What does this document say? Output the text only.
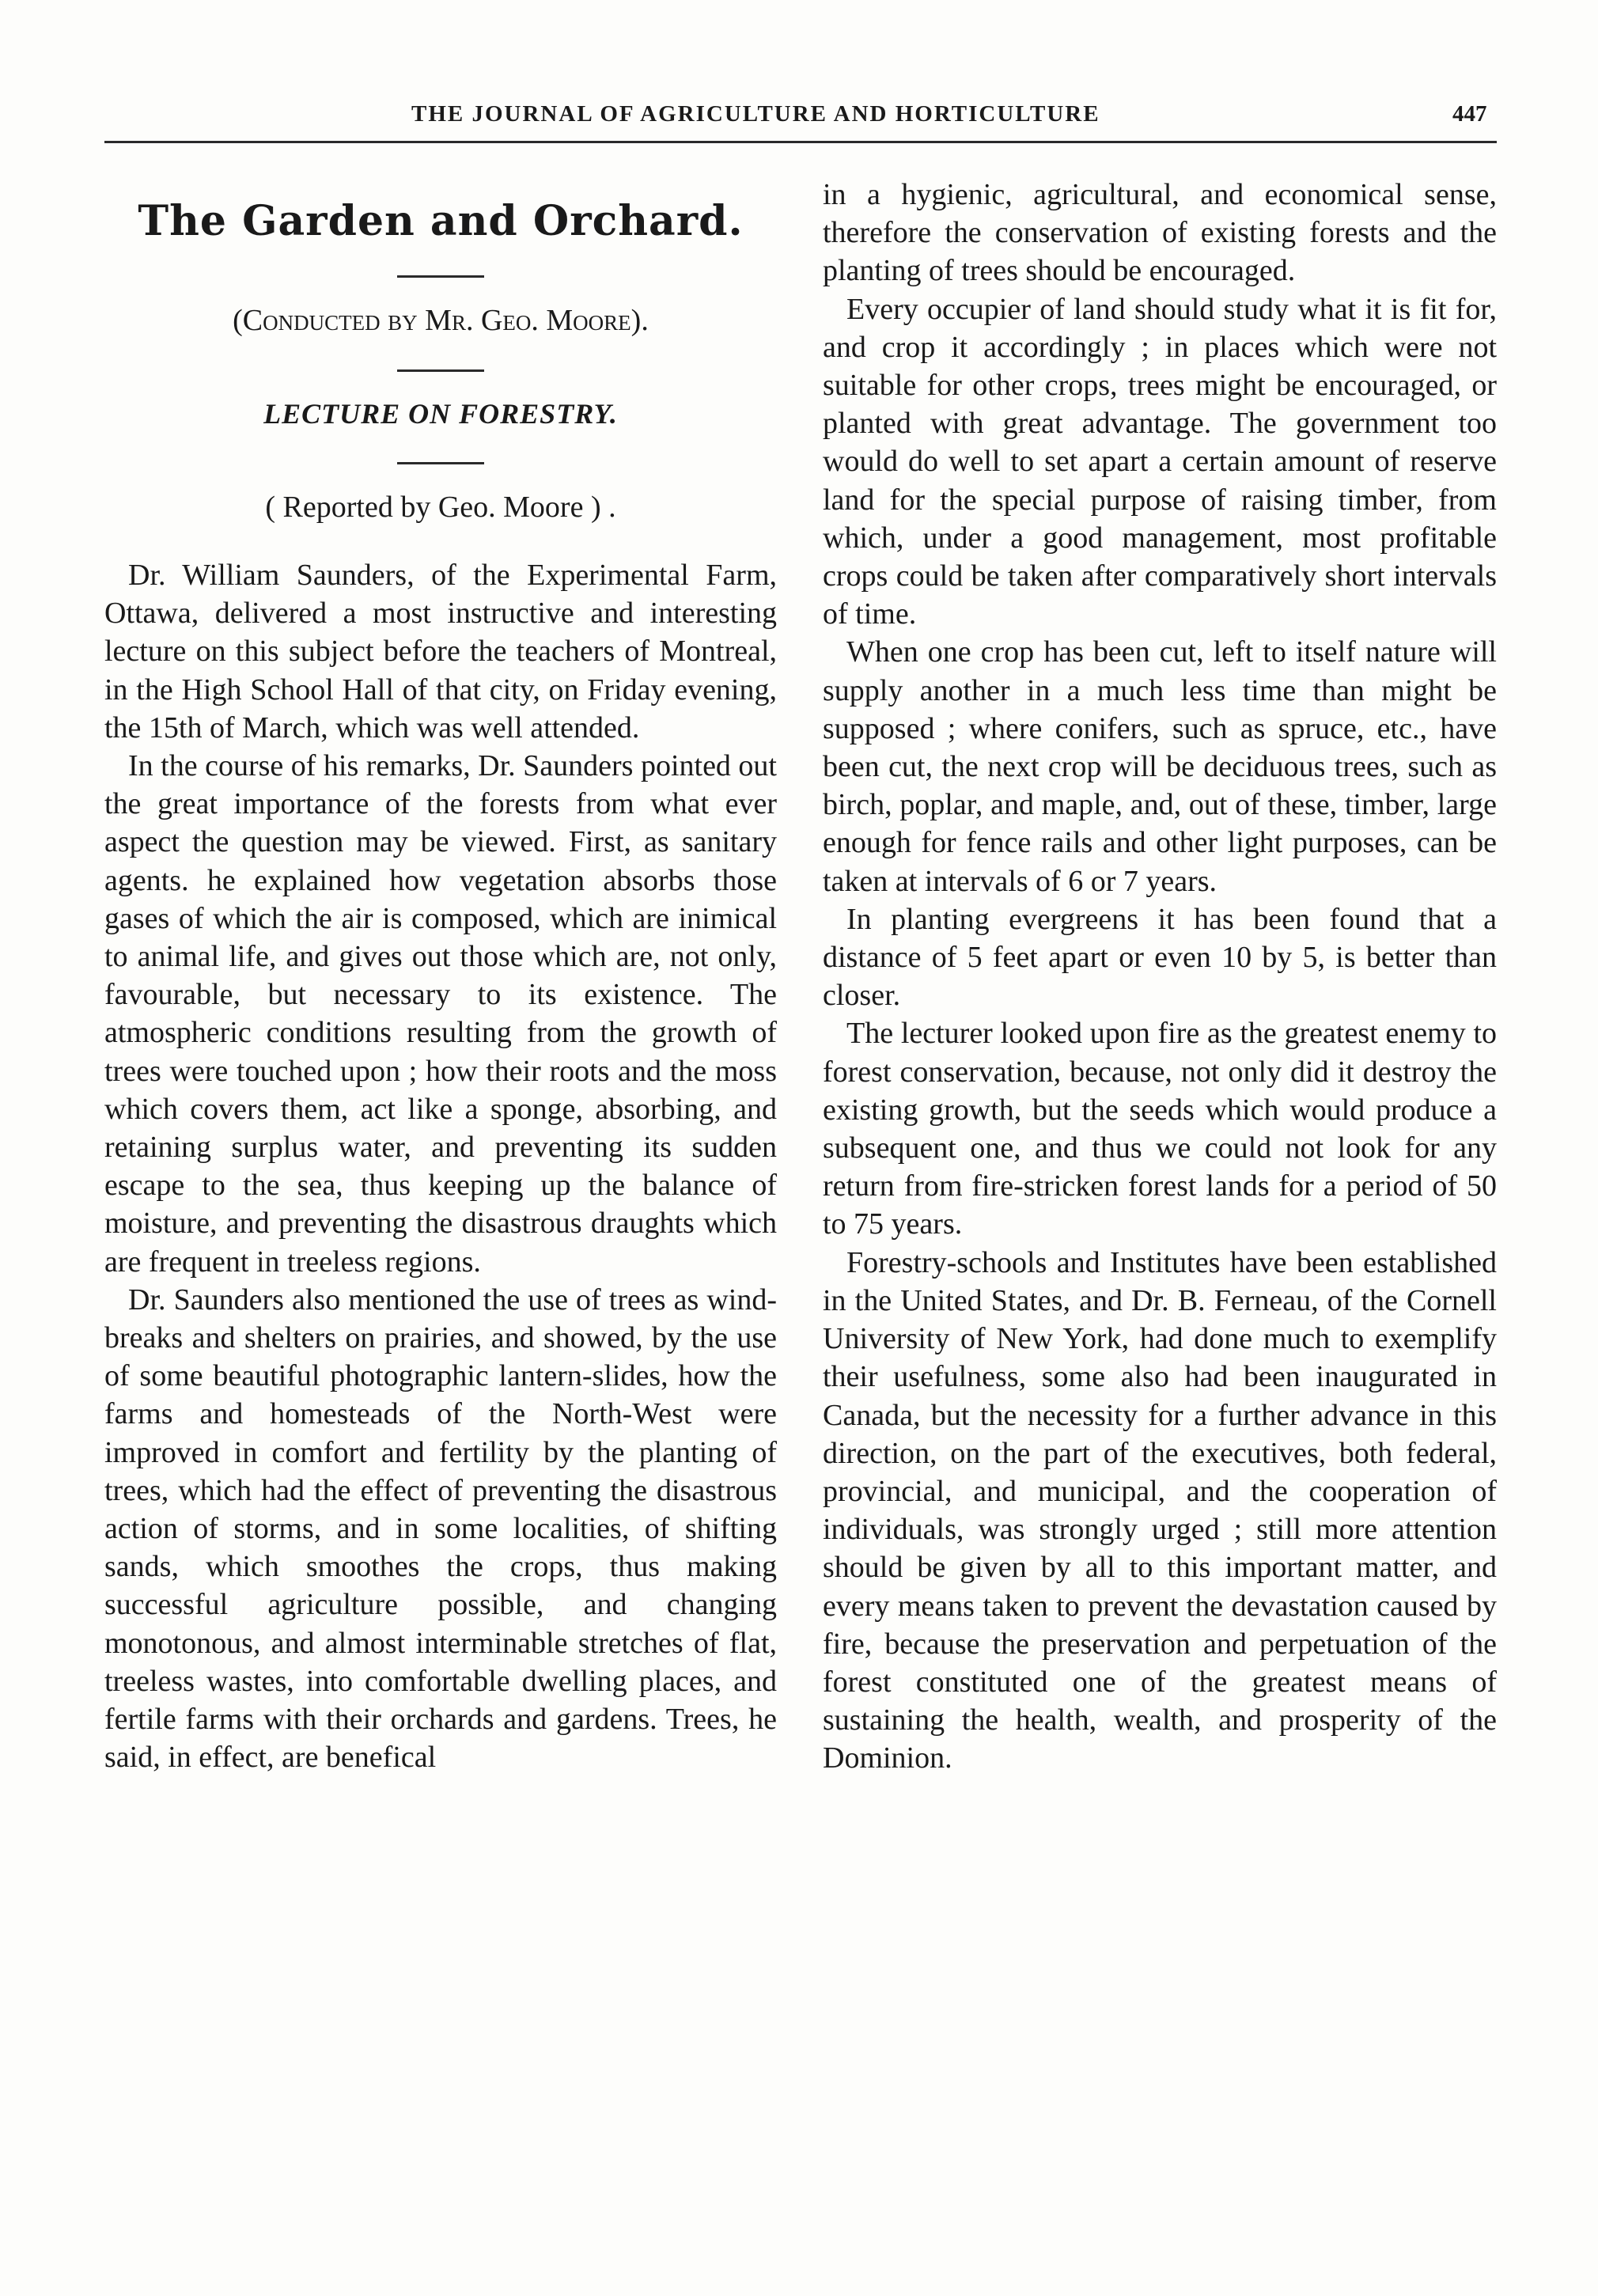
THE JOURNAL OF AGRICULTURE AND HORTICULTURE	447
The Garden and Orchard.
(Conducted by Mr. Geo. Moore).
LECTURE ON FORESTRY.
( Reported by Geo. Moore ) .

Dr. William Saunders, of the Experimental Farm, Ottawa, delivered a most instructive and interesting lecture on this subject before the teachers of Montreal, in the High School Hall of that city, on Friday evening, the 15th of March, which was well attended.

In the course of his remarks, Dr. Saunders pointed out the great importance of the forests from what ever aspect the question may be viewed. First, as sanitary agents. he explained how vegetation absorbs those gases of which the air is composed, which are inimical to animal life, and gives out those which are, not only, favourable, but necessary to its existence. The atmospheric conditions resulting from the growth of trees were touched upon ; how their roots and the moss which covers them, act like a sponge, absorbing, and retaining surplus water, and preventing its sudden escape to the sea, thus keeping up the balance of moisture, and preventing the disastrous draughts which are frequent in treeless regions.

Dr. Saunders also mentioned the use of trees as wind-breaks and shelters on prairies, and showed, by the use of some beautiful photographic lantern-slides, how the farms and homesteads of the North-West were improved in comfort and fertility by the planting of trees, which had the effect of preventing the disastrous action of storms, and in some localities, of shifting sands, which smoothes the crops, thus making successful agriculture possible, and changing monotonous, and almost interminable stretches of flat, treeless wastes, into comfortable dwelling places, and fertile farms with their orchards and gardens. Trees, he said, in effect, are benefical

in a hygienic, agricultural, and economical sense, therefore the conservation of existing forests and the planting of trees should be encouraged.

Every occupier of land should study what it is fit for, and crop it accordingly ; in places which were not suitable for other crops, trees might be encouraged, or planted with great advantage. The government too would do well to set apart a certain amount of reserve land for the special purpose of raising timber, from which, under a good management, most profitable crops could be taken after comparatively short intervals of time.

When one crop has been cut, left to itself nature will supply another in a much less time than might be supposed ; where conifers, such as spruce, etc., have been cut, the next crop will be deciduous trees, such as birch, poplar, and maple, and, out of these, timber, large enough for fence rails and other light purposes, can be taken at intervals of 6 or 7 years.

In planting evergreens it has been found that a distance of 5 feet apart or even 10 by 5, is better than closer.

The lecturer looked upon fire as the greatest enemy to forest conservation, because, not only did it destroy the existing growth, but the seeds which would produce a subsequent one, and thus we could not look for any return from fire-stricken forest lands for a period of 50 to 75 years.

Forestry-schools and Institutes have been established in the United States, and Dr. B. Ferneau, of the Cornell University of New York, had done much to exemplify their usefulness, some also had been inaugurated in Canada, but the necessity for a further advance in this direction, on the part of the executives, both federal, provincial, and municipal, and the cooperation of individuals, was strongly urged ; still more attention should be given by all to this important matter, and every means taken to prevent the devastation caused by fire, because the preservation and perpetuation of the forest constituted one of the greatest means of sustaining the health, wealth, and prosperity of the Dominion.
